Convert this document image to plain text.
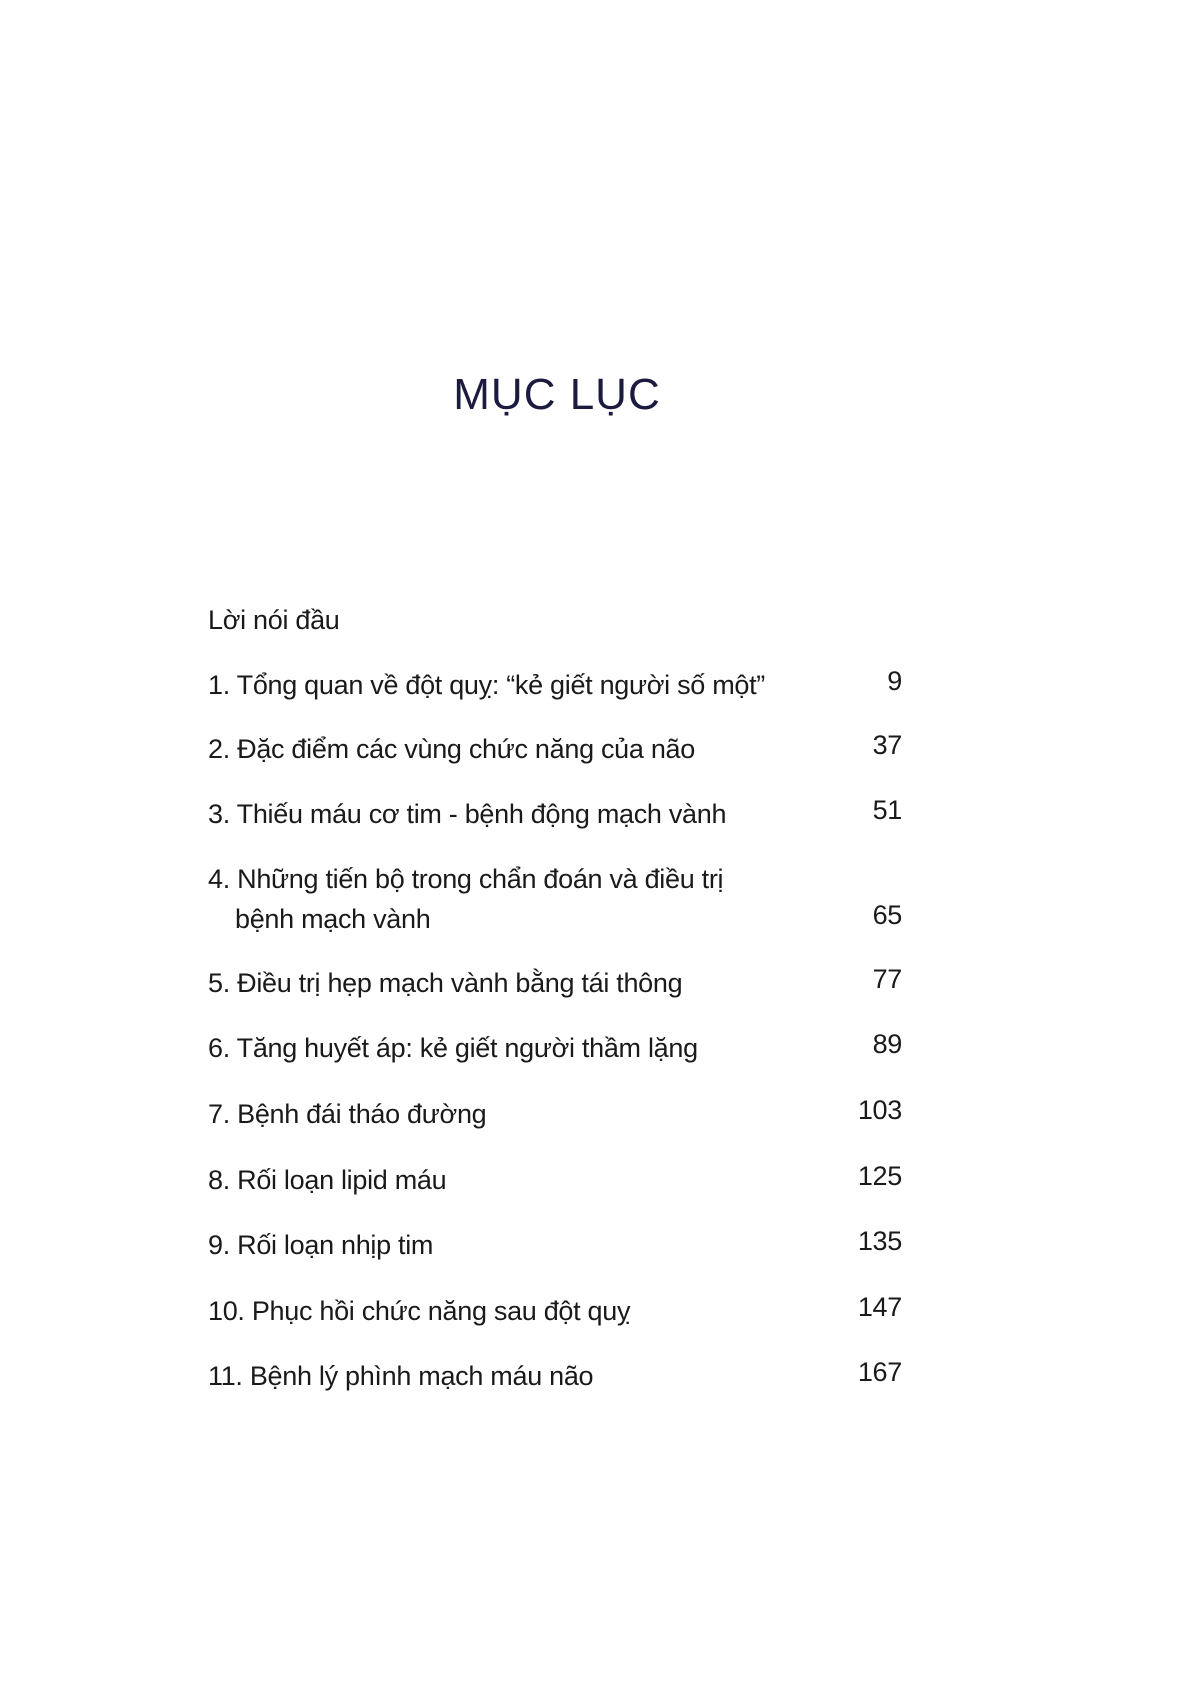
MỤC LỤC
Lời nói đầu
1. Tổng quan về đột quỵ: “kẻ giết người số một”	9
2. Đặc điểm các vùng chức năng của não	37
3. Thiếu máu cơ tim - bệnh động mạch vành	51
4. Những tiến bộ trong chẩn đoán và điều trị
bệnh mạch vành	65
5. Điều trị hẹp mạch vành bằng tái thông	77
6. Tăng huyết áp: kẻ giết người thầm lặng	89
7. Bệnh đái tháo đường	103
8. Rối loạn lipid máu	125
9. Rối loạn nhịp tim	135
10. Phục hồi chức năng sau đột quỵ	147
11. Bệnh lý phình mạch máu não	167
